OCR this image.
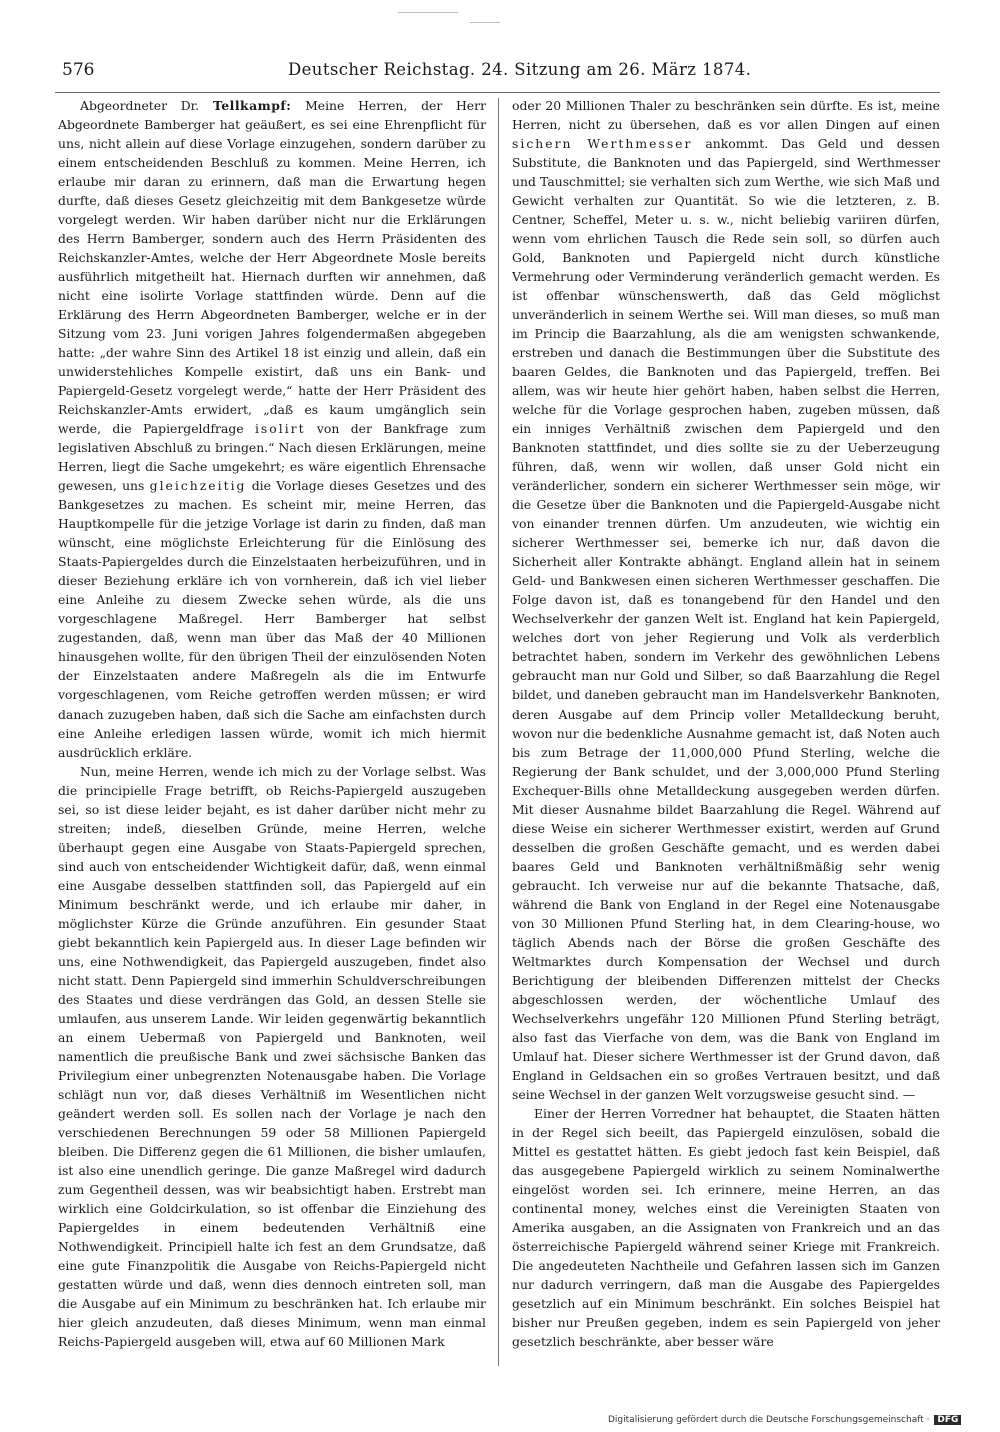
576	Deutscher Reichstag. 24. Sitzung am 26. März 1874.

Abgeordneter Dr. Tellkampf: Meine Herren, der Herr Abgeordnete Bamberger hat geäußert, es sei eine Ehrenpflicht für uns, nicht allein auf diese Vorlage einzugehen, sondern darüber zu einem entscheidenden Beschluß zu kommen. Meine Herren, ich erlaube mir daran zu erinnern, daß man die Erwartung hegen durfte, daß dieses Gesetz gleichzeitig mit dem Bankgesetze würde vorgelegt werden. Wir haben darüber nicht nur die Erklärungen des Herrn Bamberger, sondern auch des Herrn Präsidenten des Reichskanzler-Amtes, welche der Herr Abgeordnete Mosle bereits ausführlich mitgetheilt hat. Hiernach durften wir annehmen, daß nicht eine isolirte Vorlage stattfinden würde. Denn auf die Erklärung des Herrn Abgeordneten Bamberger, welche er in der Sitzung vom 23. Juni vorigen Jahres folgendermaßen abgegeben hatte: „der wahre Sinn des Artikel 18 ist einzig und allein, daß ein unwiderstehliches Kompelle existirt, daß uns ein Bank- und Papiergeld-Gesetz vorgelegt werde,“ hatte der Herr Präsident des Reichskanzler-Amts erwidert, „daß es kaum umgänglich sein werde, die Papiergeldfrage isolirt von der Bankfrage zum legislativen Abschluß zu bringen.“ Nach diesen Erklärungen, meine Herren, liegt die Sache umgekehrt; es wäre eigentlich Ehrensache gewesen, uns gleichzeitig die Vorlage dieses Gesetzes und des Bankgesetzes zu machen. Es scheint mir, meine Herren, das Hauptkompelle für die jetzige Vorlage ist darin zu finden, daß man wünscht, eine möglichste Erleichterung für die Einlösung des Staats-Papiergeldes durch die Einzelstaaten herbeizuführen, und in dieser Beziehung erkläre ich von vornherein, daß ich viel lieber eine Anleihe zu diesem Zwecke sehen würde, als die uns vorgeschlagene Maßregel. Herr Bamberger hat selbst zugestanden, daß, wenn man über das Maß der 40 Millionen hinausgehen wollte, für den übrigen Theil der einzulösenden Noten der Einzelstaaten andere Maßregeln als die im Entwurfe vorgeschlagenen, vom Reiche getroffen werden müssen; er wird danach zuzugeben haben, daß sich die Sache am einfachsten durch eine Anleihe erledigen lassen würde, womit ich mich hiermit ausdrücklich erkläre.

Nun, meine Herren, wende ich mich zu der Vorlage selbst. Was die principielle Frage betrifft, ob Reichs-Papiergeld auszugeben sei, so ist diese leider bejaht, es ist daher darüber nicht mehr zu streiten; indeß, dieselben Gründe, meine Herren, welche überhaupt gegen eine Ausgabe von Staats-Papiergeld sprechen, sind auch von entscheidender Wichtigkeit dafür, daß, wenn einmal eine Ausgabe desselben stattfinden soll, das Papiergeld auf ein Minimum beschränkt werde, und ich erlaube mir daher, in möglichster Kürze die Gründe anzuführen. Ein gesunder Staat giebt bekanntlich kein Papiergeld aus. In dieser Lage befinden wir uns, eine Nothwendigkeit, das Papiergeld auszugeben, findet also nicht statt. Denn Papiergeld sind immerhin Schuldverschreibungen des Staates und diese verdrängen das Gold, an dessen Stelle sie umlaufen, aus unserem Lande. Wir leiden gegenwärtig bekanntlich an einem Uebermaß von Papiergeld und Banknoten, weil namentlich die preußische Bank und zwei sächsische Banken das Privilegium einer unbegrenzten Notenausgabe haben. Die Vorlage schlägt nun vor, daß dieses Verhältniß im Wesentlichen nicht geändert werden soll. Es sollen nach der Vorlage je nach den verschiedenen Berechnungen 59 oder 58 Millionen Papiergeld bleiben. Die Differenz gegen die 61 Millionen, die bisher umlaufen, ist also eine unendlich geringe. Die ganze Maßregel wird dadurch zum Gegentheil dessen, was wir beabsichtigt haben. Erstrebt man wirklich eine Goldcirkulation, so ist offenbar die Einziehung des Papiergeldes in einem bedeutenden Verhältniß eine Nothwendigkeit. Principiell halte ich fest an dem Grundsatze, daß eine gute Finanzpolitik die Ausgabe von Reichs-Papiergeld nicht gestatten würde und daß, wenn dies dennoch eintreten soll, man die Ausgabe auf ein Minimum zu beschränken hat. Ich erlaube mir hier gleich anzudeuten, daß dieses Minimum, wenn man einmal Reichs-Papiergeld ausgeben will, etwa auf 60 Millionen Mark

oder 20 Millionen Thaler zu beschränken sein dürfte. Es ist, meine Herren, nicht zu übersehen, daß es vor allen Dingen auf einen sichern Werthmesser ankommt. Das Geld und dessen Substitute, die Banknoten und das Papiergeld, sind Werthmesser und Tauschmittel; sie verhalten sich zum Werthe, wie sich Maß und Gewicht verhalten zur Quantität. So wie die letzteren, z. B. Centner, Scheffel, Meter u. s. w., nicht beliebig variiren dürfen, wenn vom ehrlichen Tausch die Rede sein soll, so dürfen auch Gold, Banknoten und Papiergeld nicht durch künstliche Vermehrung oder Verminderung veränderlich gemacht werden. Es ist offenbar wünschenswerth, daß das Geld möglichst unveränderlich in seinem Werthe sei. Will man dieses, so muß man im Princip die Baarzahlung, als die am wenigsten schwankende, erstreben und danach die Bestimmungen über die Substitute des baaren Geldes, die Banknoten und das Papiergeld, treffen. Bei allem, was wir heute hier gehört haben, haben selbst die Herren, welche für die Vorlage gesprochen haben, zugeben müssen, daß ein inniges Verhältniß zwischen dem Papiergeld und den Banknoten stattfindet, und dies sollte sie zu der Ueberzeugung führen, daß, wenn wir wollen, daß unser Gold nicht ein veränderlicher, sondern ein sicherer Werthmesser sein möge, wir die Gesetze über die Banknoten und die Papiergeld-Ausgabe nicht von einander trennen dürfen. Um anzudeuten, wie wichtig ein sicherer Werthmesser sei, bemerke ich nur, daß davon die Sicherheit aller Kontrakte abhängt. England allein hat in seinem Geld- und Bankwesen einen sicheren Werthmesser geschaffen. Die Folge davon ist, daß es tonangebend für den Handel und den Wechselverkehr der ganzen Welt ist. England hat kein Papiergeld, welches dort von jeher Regierung und Volk als verderblich betrachtet haben, sondern im Verkehr des gewöhnlichen Lebens gebraucht man nur Gold und Silber, so daß Baarzahlung die Regel bildet, und daneben gebraucht man im Handelsverkehr Banknoten, deren Ausgabe auf dem Princip voller Metalldeckung beruht, wovon nur die bedenkliche Ausnahme gemacht ist, daß Noten auch bis zum Betrage der 11,000,000 Pfund Sterling, welche die Regierung der Bank schuldet, und der 3,000,000 Pfund Sterling Exchequer-Bills ohne Metalldeckung ausgegeben werden dürfen. Mit dieser Ausnahme bildet Baarzahlung die Regel. Während auf diese Weise ein sicherer Werthmesser existirt, werden auf Grund desselben die großen Geschäfte gemacht, und es werden dabei baares Geld und Banknoten verhältnißmäßig sehr wenig gebraucht. Ich verweise nur auf die bekannte Thatsache, daß, während die Bank von England in der Regel eine Notenausgabe von 30 Millionen Pfund Sterling hat, in dem Clearing-house, wo täglich Abends nach der Börse die großen Geschäfte des Weltmarktes durch Kompensation der Wechsel und durch Berichtigung der bleibenden Differenzen mittelst der Checks abgeschlossen werden, der wöchentliche Umlauf des Wechselverkehrs ungefähr 120 Millionen Pfund Sterling beträgt, also fast das Vierfache von dem, was die Bank von England im Umlauf hat. Dieser sichere Werthmesser ist der Grund davon, daß England in Geldsachen ein so großes Vertrauen besitzt, und daß seine Wechsel in der ganzen Welt vorzugsweise gesucht sind. —

Einer der Herren Vorredner hat behauptet, die Staaten hätten in der Regel sich beeilt, das Papiergeld einzulösen, sobald die Mittel es gestattet hätten. Es giebt jedoch fast kein Beispiel, daß das ausgegebene Papiergeld wirklich zu seinem Nominalwerthe eingelöst worden sei. Ich erinnere, meine Herren, an das continental money, welches einst die Vereinigten Staaten von Amerika ausgaben, an die Assignaten von Frankreich und an das österreichische Papiergeld während seiner Kriege mit Frankreich. Die angedeuteten Nachtheile und Gefahren lassen sich im Ganzen nur dadurch verringern, daß man die Ausgabe des Papiergeldes gesetzlich auf ein Minimum beschränkt. Ein solches Beispiel hat bisher nur Preußen gegeben, indem es sein Papiergeld von jeher gesetzlich beschränkte, aber besser wäre

Digitalisierung gefördert durch die Deutsche Forschungsgemeinschaft · DFG
